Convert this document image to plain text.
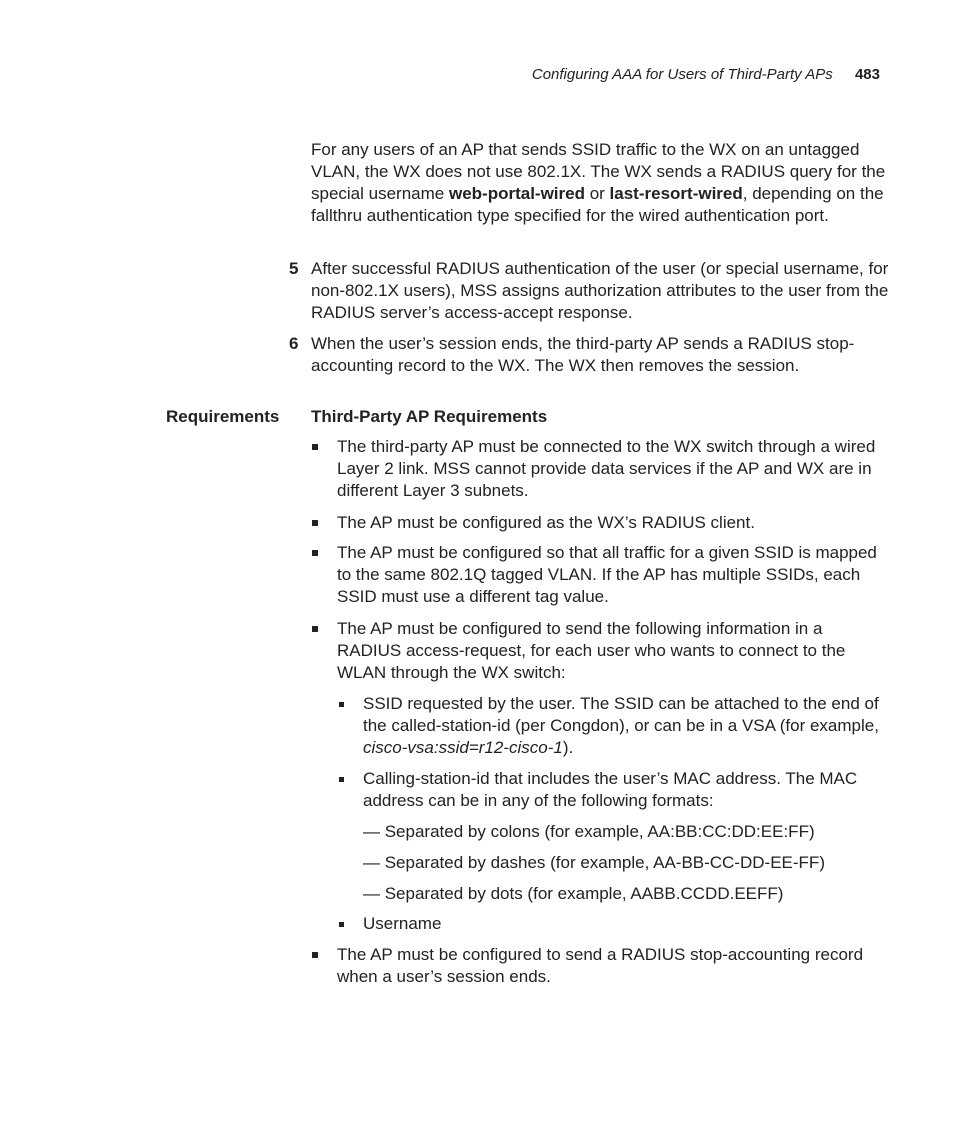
Configuring AAA for Users of Third-Party APs 483

For any users of an AP that sends SSID traffic to the WX on an untagged VLAN, the WX does not use 802.1X. The WX sends a RADIUS query for the special username web-portal-wired or last-resort-wired, depending on the fallthru authentication type specified for the wired authentication port.

5 After successful RADIUS authentication of the user (or special username, for non-802.1X users), MSS assigns authorization attributes to the user from the RADIUS server’s access-accept response.
6 When the user’s session ends, the third-party AP sends a RADIUS stop-accounting record to the WX. The WX then removes the session.
Requirements Third-Party AP Requirements
The third-party AP must be connected to the WX switch through a wired Layer 2 link. MSS cannot provide data services if the AP and WX are in different Layer 3 subnets.
The AP must be configured as the WX’s RADIUS client.
The AP must be configured so that all traffic for a given SSID is mapped to the same 802.1Q tagged VLAN. If the AP has multiple SSIDs, each SSID must use a different tag value.
The AP must be configured to send the following information in a RADIUS access-request, for each user who wants to connect to the WLAN through the WX switch:
SSID requested by the user. The SSID can be attached to the end of the called-station-id (per Congdon), or can be in a VSA (for example, cisco-vsa:ssid=r12-cisco-1).
Calling-station-id that includes the user’s MAC address. The MAC address can be in any of the following formats:
— Separated by colons (for example, AA:BB:CC:DD:EE:FF)
— Separated by dashes (for example, AA-BB-CC-DD-EE-FF)
— Separated by dots (for example, AABB.CCDD.EEFF)
Username
The AP must be configured to send a RADIUS stop-accounting record when a user’s session ends.
